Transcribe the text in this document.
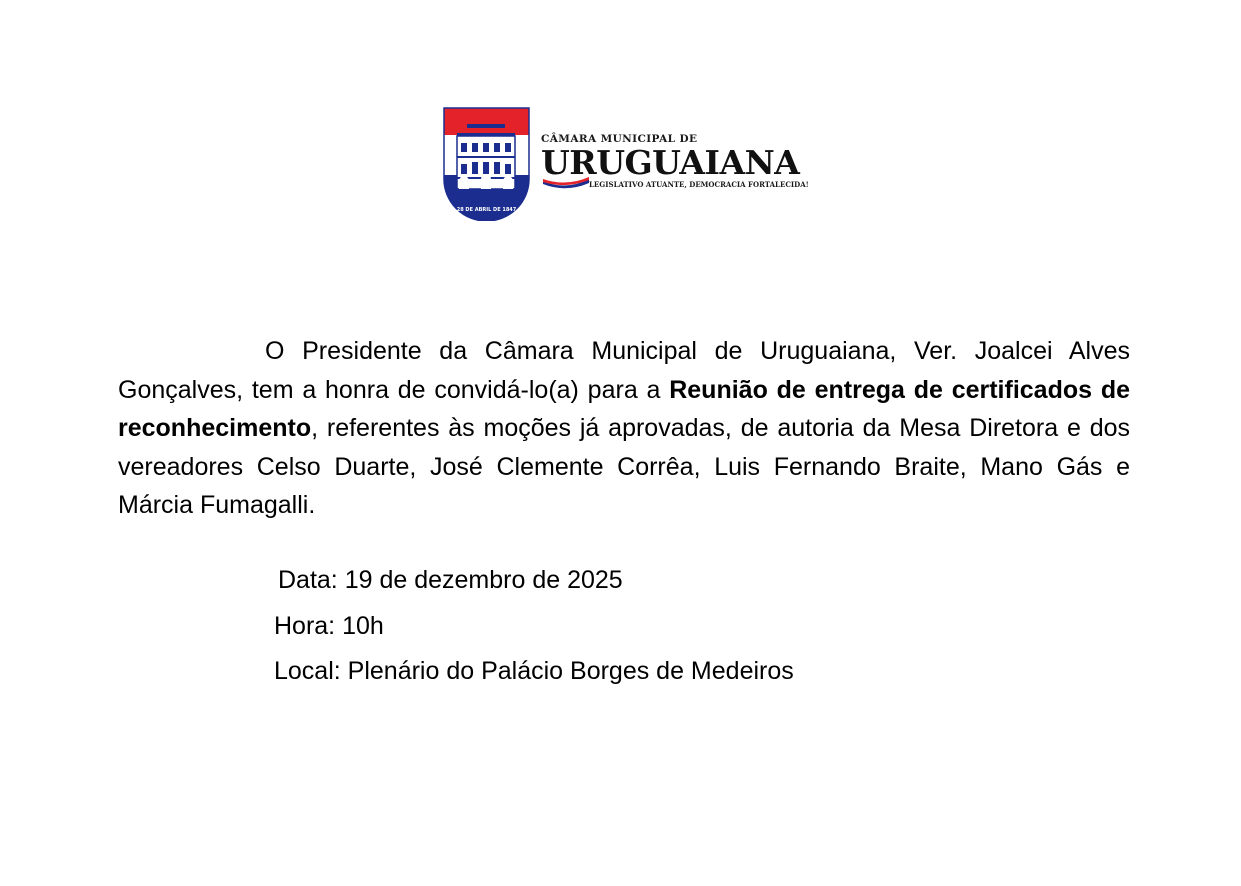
28 DE ABRIL DE 1847
CÂMARA MUNICIPAL DE
URUGUAIANA
LEGISLATIVO ATUANTE, DEMOCRACIA FORTALECIDA!
O Presidente da Câmara Municipal de Uruguaiana, Ver. Joalcei Alves Gonçalves, tem a honra de convidá-lo(a) para a Reunião de entrega de certificados de reconhecimento, referentes às moções já aprovadas, de autoria da Mesa Diretora e dos vereadores Celso Duarte, José Clemente Corrêa, Luis Fernando Braite, Mano Gás e Márcia Fumagalli.
Data: 19 de dezembro de 2025
Hora: 10h
Local: Plenário do Palácio Borges de Medeiros
